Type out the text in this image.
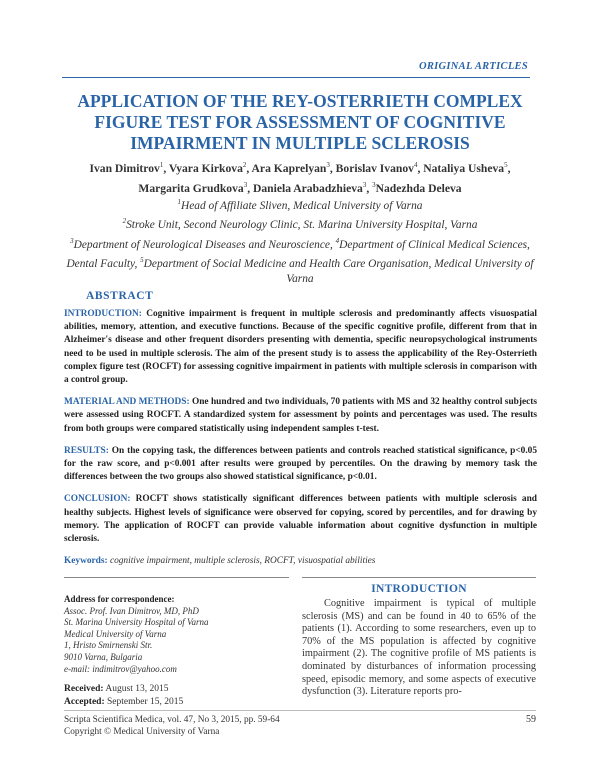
ORIGINAL ARTICLES
APPLICATION OF THE REY-OSTERRIETH COMPLEX FIGURE TEST FOR ASSESSMENT OF COGNITIVE IMPAIRMENT IN MULTIPLE SCLEROSIS
Ivan Dimitrov$^1$, Vyara Kirkova$^2$, Ara Kaprelyan$^3$, Borislav Ivanov$^4$, Nataliya Usheva$^5$,
Margarita Grudkova$^3$, Daniela Arabadzhieva$^3$, $^3$Nadezhda Deleva
$^1$Head of Affiliate Sliven, Medical University of Varna
$^2$Stroke Unit, Second Neurology Clinic, St. Marina University Hospital, Varna
$^3$Department of Neurological Diseases and Neuroscience, $^4$Department of Clinical Medical Sciences, Dental Faculty, $^5$Department of Social Medicine and Health Care Organisation, Medical University of Varna
ABSTRACT

INTRODUCTION: Cognitive impairment is frequent in multiple sclerosis and predominantly affects visuospatial abilities, memory, attention, and executive functions. Because of the specific cognitive profile, different from that in Alzheimer's disease and other frequent disorders presenting with dementia, specific neuropsychological instruments need to be used in multiple sclerosis. The aim of the present study is to assess the applicability of the Rey-Osterrieth complex figure test (ROCFT) for assessing cognitive impairment in patients with multiple sclerosis in comparison with a control group.

MATERIAL AND METHODS: One hundred and two individuals, 70 patients with MS and 32 healthy control subjects were assessed using ROCFT. A standardized system for assessment by points and percentages was used. The results from both groups were compared statistically using independent samples t-test.

RESULTS: On the copying task, the differences between patients and controls reached statistical significance, p<0.05 for the raw score, and p<0.001 after results were grouped by percentiles. On the drawing by memory task the differences between the two groups also showed statistical significance, p<0.01.

CONCLUSION: ROCFT shows statistically significant differences between patients with multiple sclerosis and healthy subjects. Highest levels of significance were observed for copying, scored by percentiles, and for drawing by memory. The application of ROCFT can provide valuable information about cognitive dysfunction in multiple sclerosis.

Keywords: cognitive impairment, multiple sclerosis, ROCFT, visuospatial abilities

Address for correspondence:
Assoc. Prof. Ivan Dimitrov, MD, PhD
St. Marina University Hospital of Varna
Medical University of Varna
1, Hristo Smirnenski Str.
9010 Varna, Bulgaria
e-mail: indimitrov@yahoo.com
Received: August 13, 2015
Accepted: September 15, 2015
INTRODUCTION

Cognitive impairment is typical of multiple sclerosis (MS) and can be found in 40 to 65% of the patients (1). According to some researchers, even up to 70% of the MS population is affected by cognitive impairment (2). The cognitive profile of MS patients is dominated by disturbances of information processing speed, episodic memory, and some aspects of executive dysfunction (3). Literature reports pro-

Scripta Scientifica Medica, vol. 47, No 3, 2015, pp. 59-64
Copyright © Medical University of Varna
59
